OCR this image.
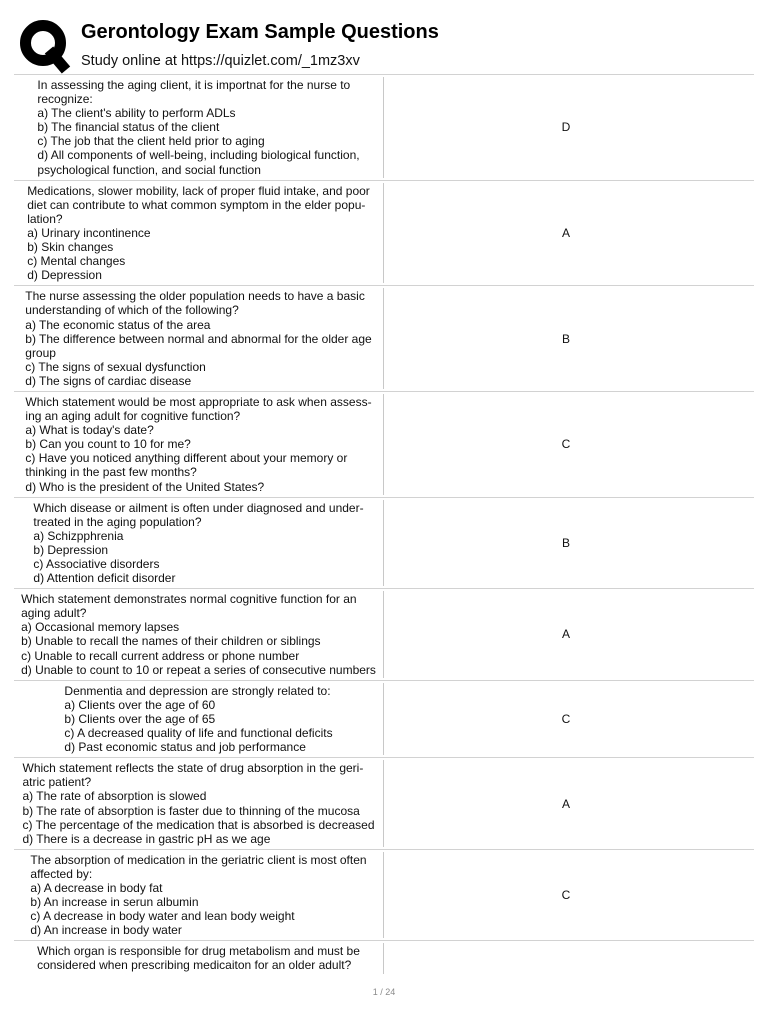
Gerontology Exam Sample Questions
Study online at https://quizlet.com/_1mz3xv
In assessing the aging client, it is importnat for the nurse to
recognize:
a) The client's ability to perform ADLs
b) The financial status of the client
c) The job that the client held prior to aging
d) All components of well-being, including biological function,
psychological function, and social function
D
Medications, slower mobility, lack of proper fluid intake, and poor
diet can contribute to what common symptom in the elder popu-
lation?
a) Urinary incontinence
b) Skin changes
c) Mental changes
d) Depression
A
The nurse assessing the older population needs to have a basic
understanding of which of the following?
a) The economic status of the area
b) The difference between normal and abnormal for the older age
group
c) The signs of sexual dysfunction
d) The signs of cardiac disease
B
Which statement would be most appropriate to ask when assess-
ing an aging adult for cognitive function?
a) What is today's date?
b) Can you count to 10 for me?
c) Have you noticed anything different about your memory or
thinking in the past few months?
d) Who is the president of the United States?
C
Which disease or ailment is often under diagnosed and under-
treated in the aging population?
a) Schizpphrenia
b) Depression
c) Associative disorders
d) Attention deficit disorder
B
Which statement demonstrates normal cognitive function for an
aging adult?
a) Occasional memory lapses
b) Unable to recall the names of their children or siblings
c) Unable to recall current address or phone number
d) Unable to count to 10 or repeat a series of consecutive numbers
A
Denmentia and depression are strongly related to:
a) Clients over the age of 60
b) Clients over the age of 65
c) A decreased quality of life and functional deficits
d) Past economic status and job performance
C
Which statement reflects the state of drug absorption in the geri-
atric patient?
a) The rate of absorption is slowed
b) The rate of absorption is faster due to thinning of the mucosa
c) The percentage of the medication that is absorbed is decreased
d) There is a decrease in gastric pH as we age
A
The absorption of medication in the geriatric client is most often
affected by:
a) A decrease in body fat
b) An increase in serun albumin
c) A decrease in body water and lean body weight
d) An increase in body water
C
Which organ is responsible for drug metabolism and must be
considered when prescribing medicaiton for an older adult?
1 / 24
